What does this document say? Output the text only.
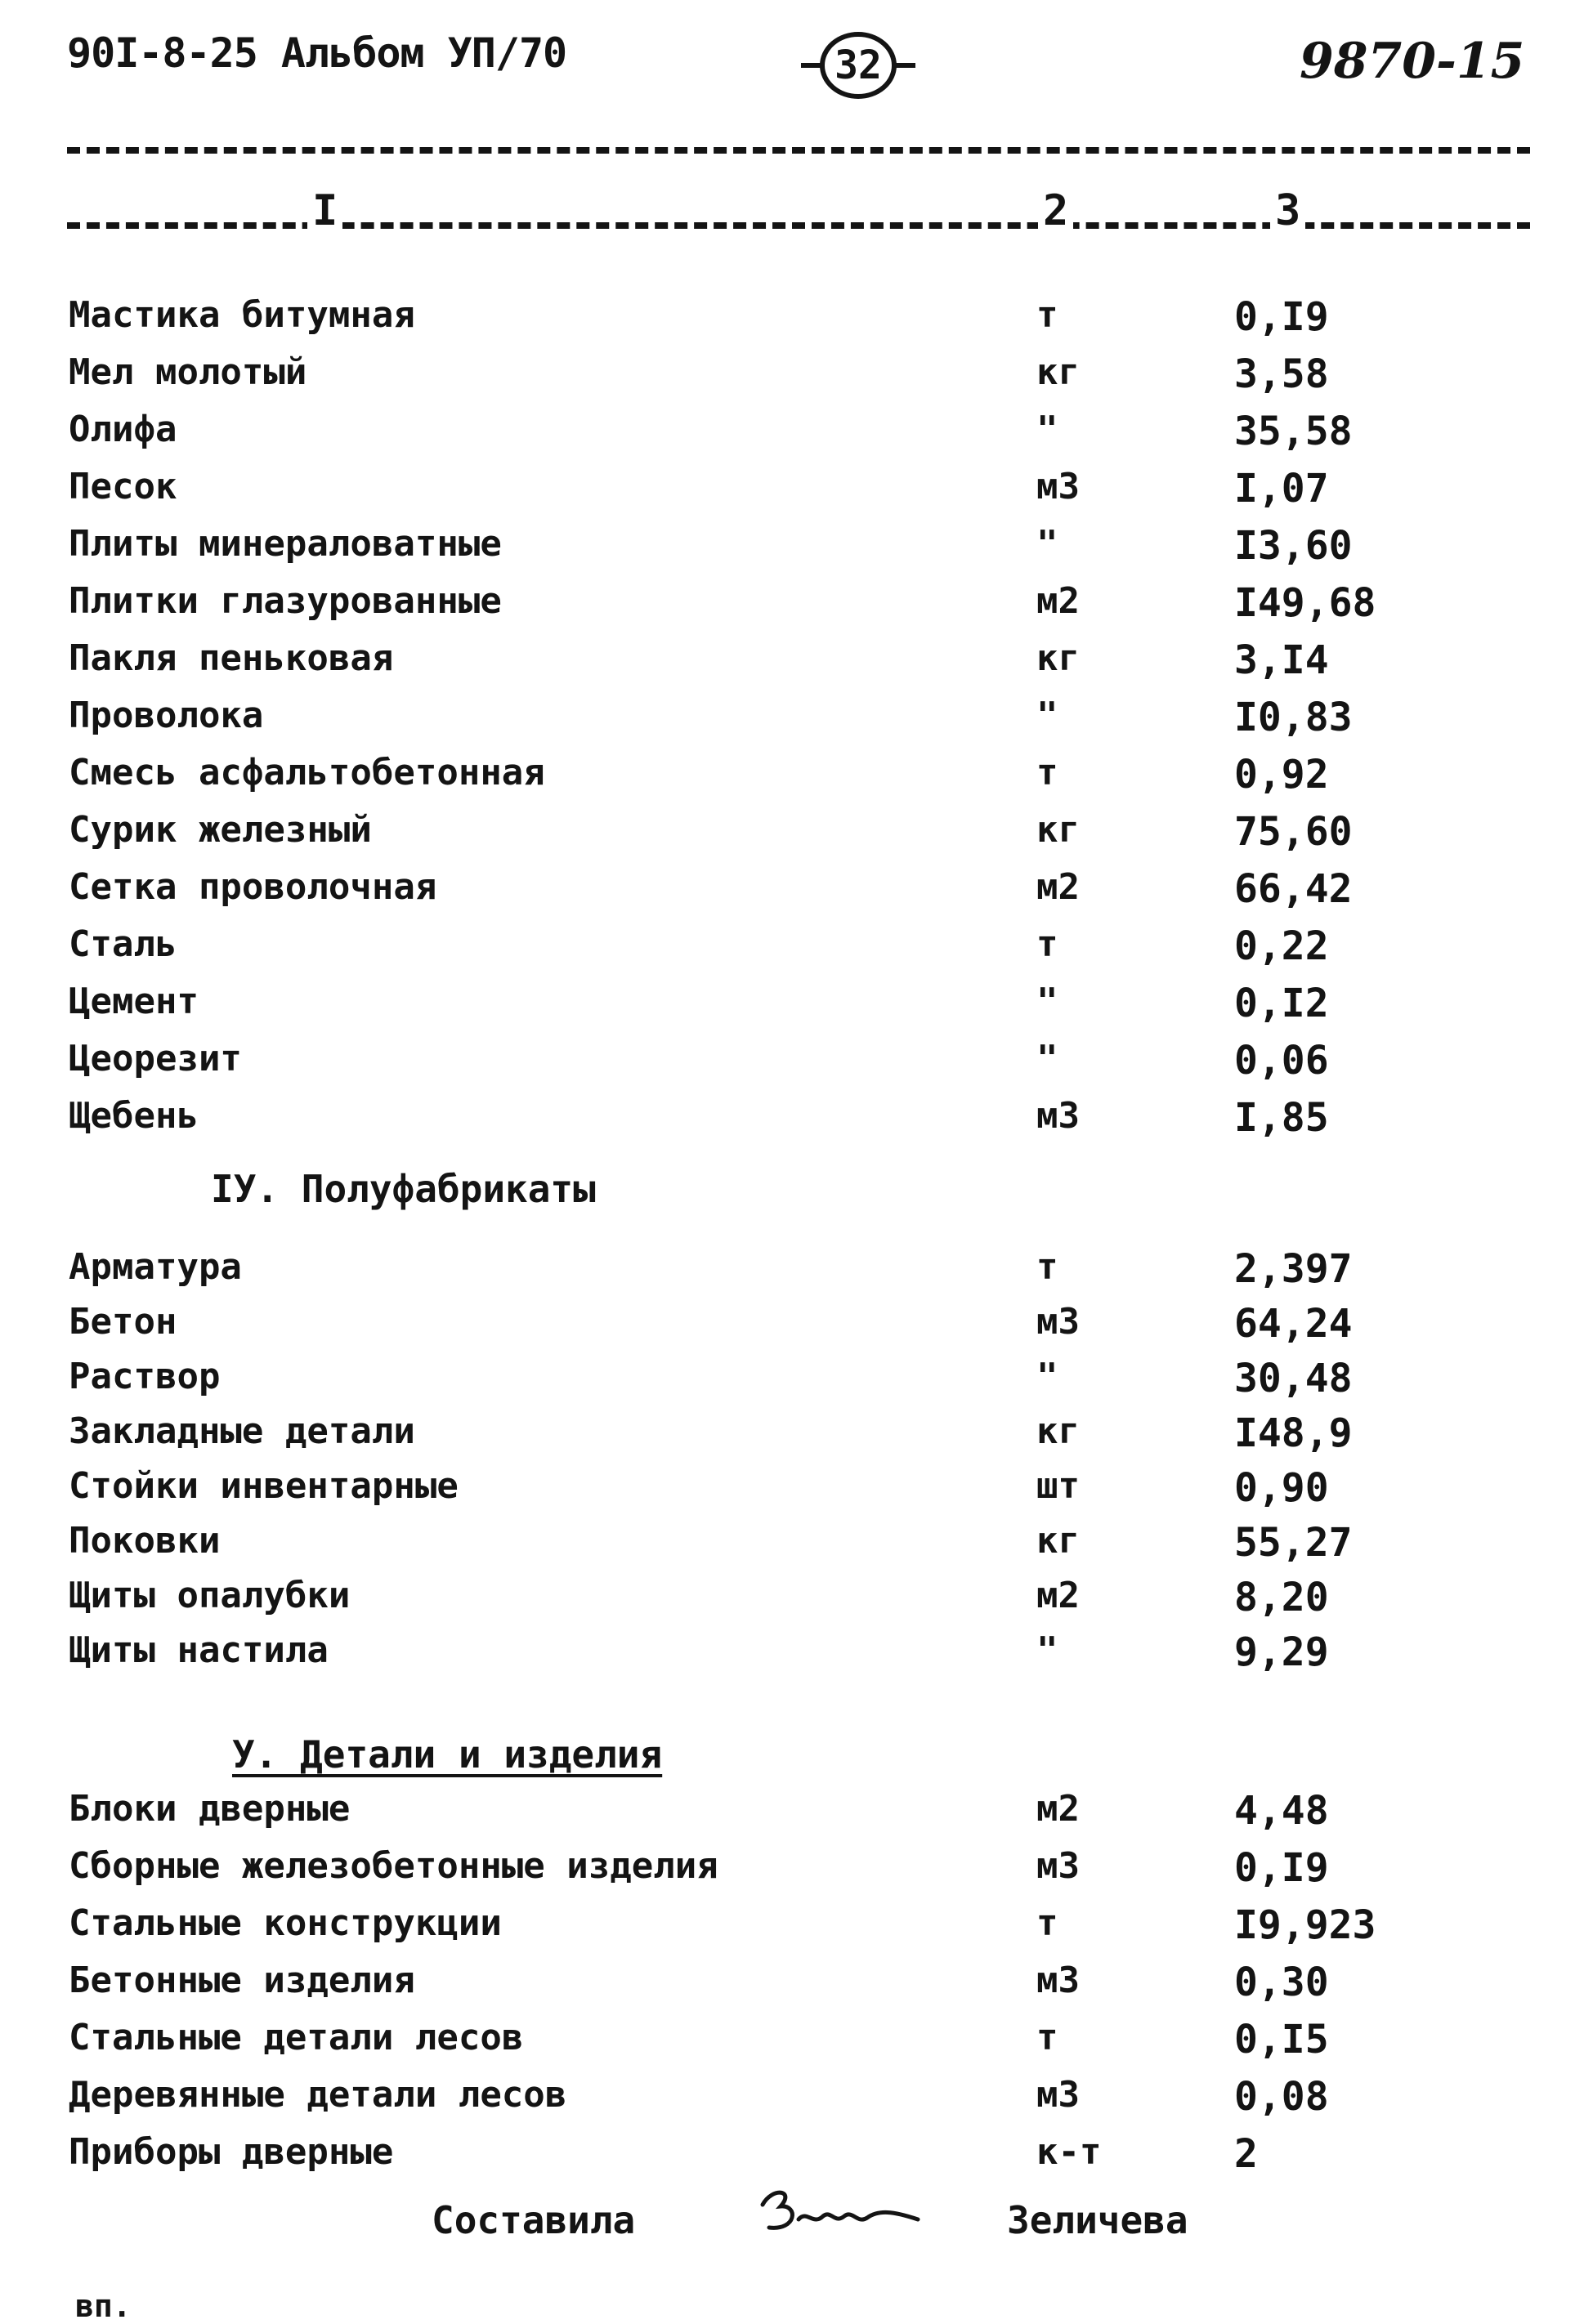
90I-8-25 Альбом УП/70	32	9870-15
I	2	3
Мастика битумная	т	0,I9
Мел молотый	кг	3,58
Олифа	"	35,58
Песок	м3	I,07
Плиты минераловатные	"	I3,60
Плитки глазурованные	м2	I49,68
Пакля пеньковая	кг	3,I4
Проволока	"	I0,83
Смесь асфальтобетонная	т	0,92
Сурик железный	кг	75,60
Сетка проволочная	м2	66,42
Сталь	т	0,22
Цемент	"	0,I2
Цеорезит	"	0,06
Щебень	м3	I,85
IУ. Полуфабрикаты
Арматура	т	2,397
Бетон	м3	64,24
Раствор	"	30,48
Закладные детали	кг	I48,9
Стойки инвентарные	шт	0,90
Поковки	кг	55,27
Щиты опалубки	м2	8,20
Щиты настила	"	9,29
У. Детали и изделия
Блоки дверные	м2	4,48
Сборные железобетонные изделия	м3	0,I9
Стальные конструкции	т	I9,923
Бетонные изделия	м3	0,30
Стальные детали лесов	т	0,I5
Деревянные детали лесов	м3	0,08
Приборы дверные	к-т	2
Составила	Зеличева
вп.
